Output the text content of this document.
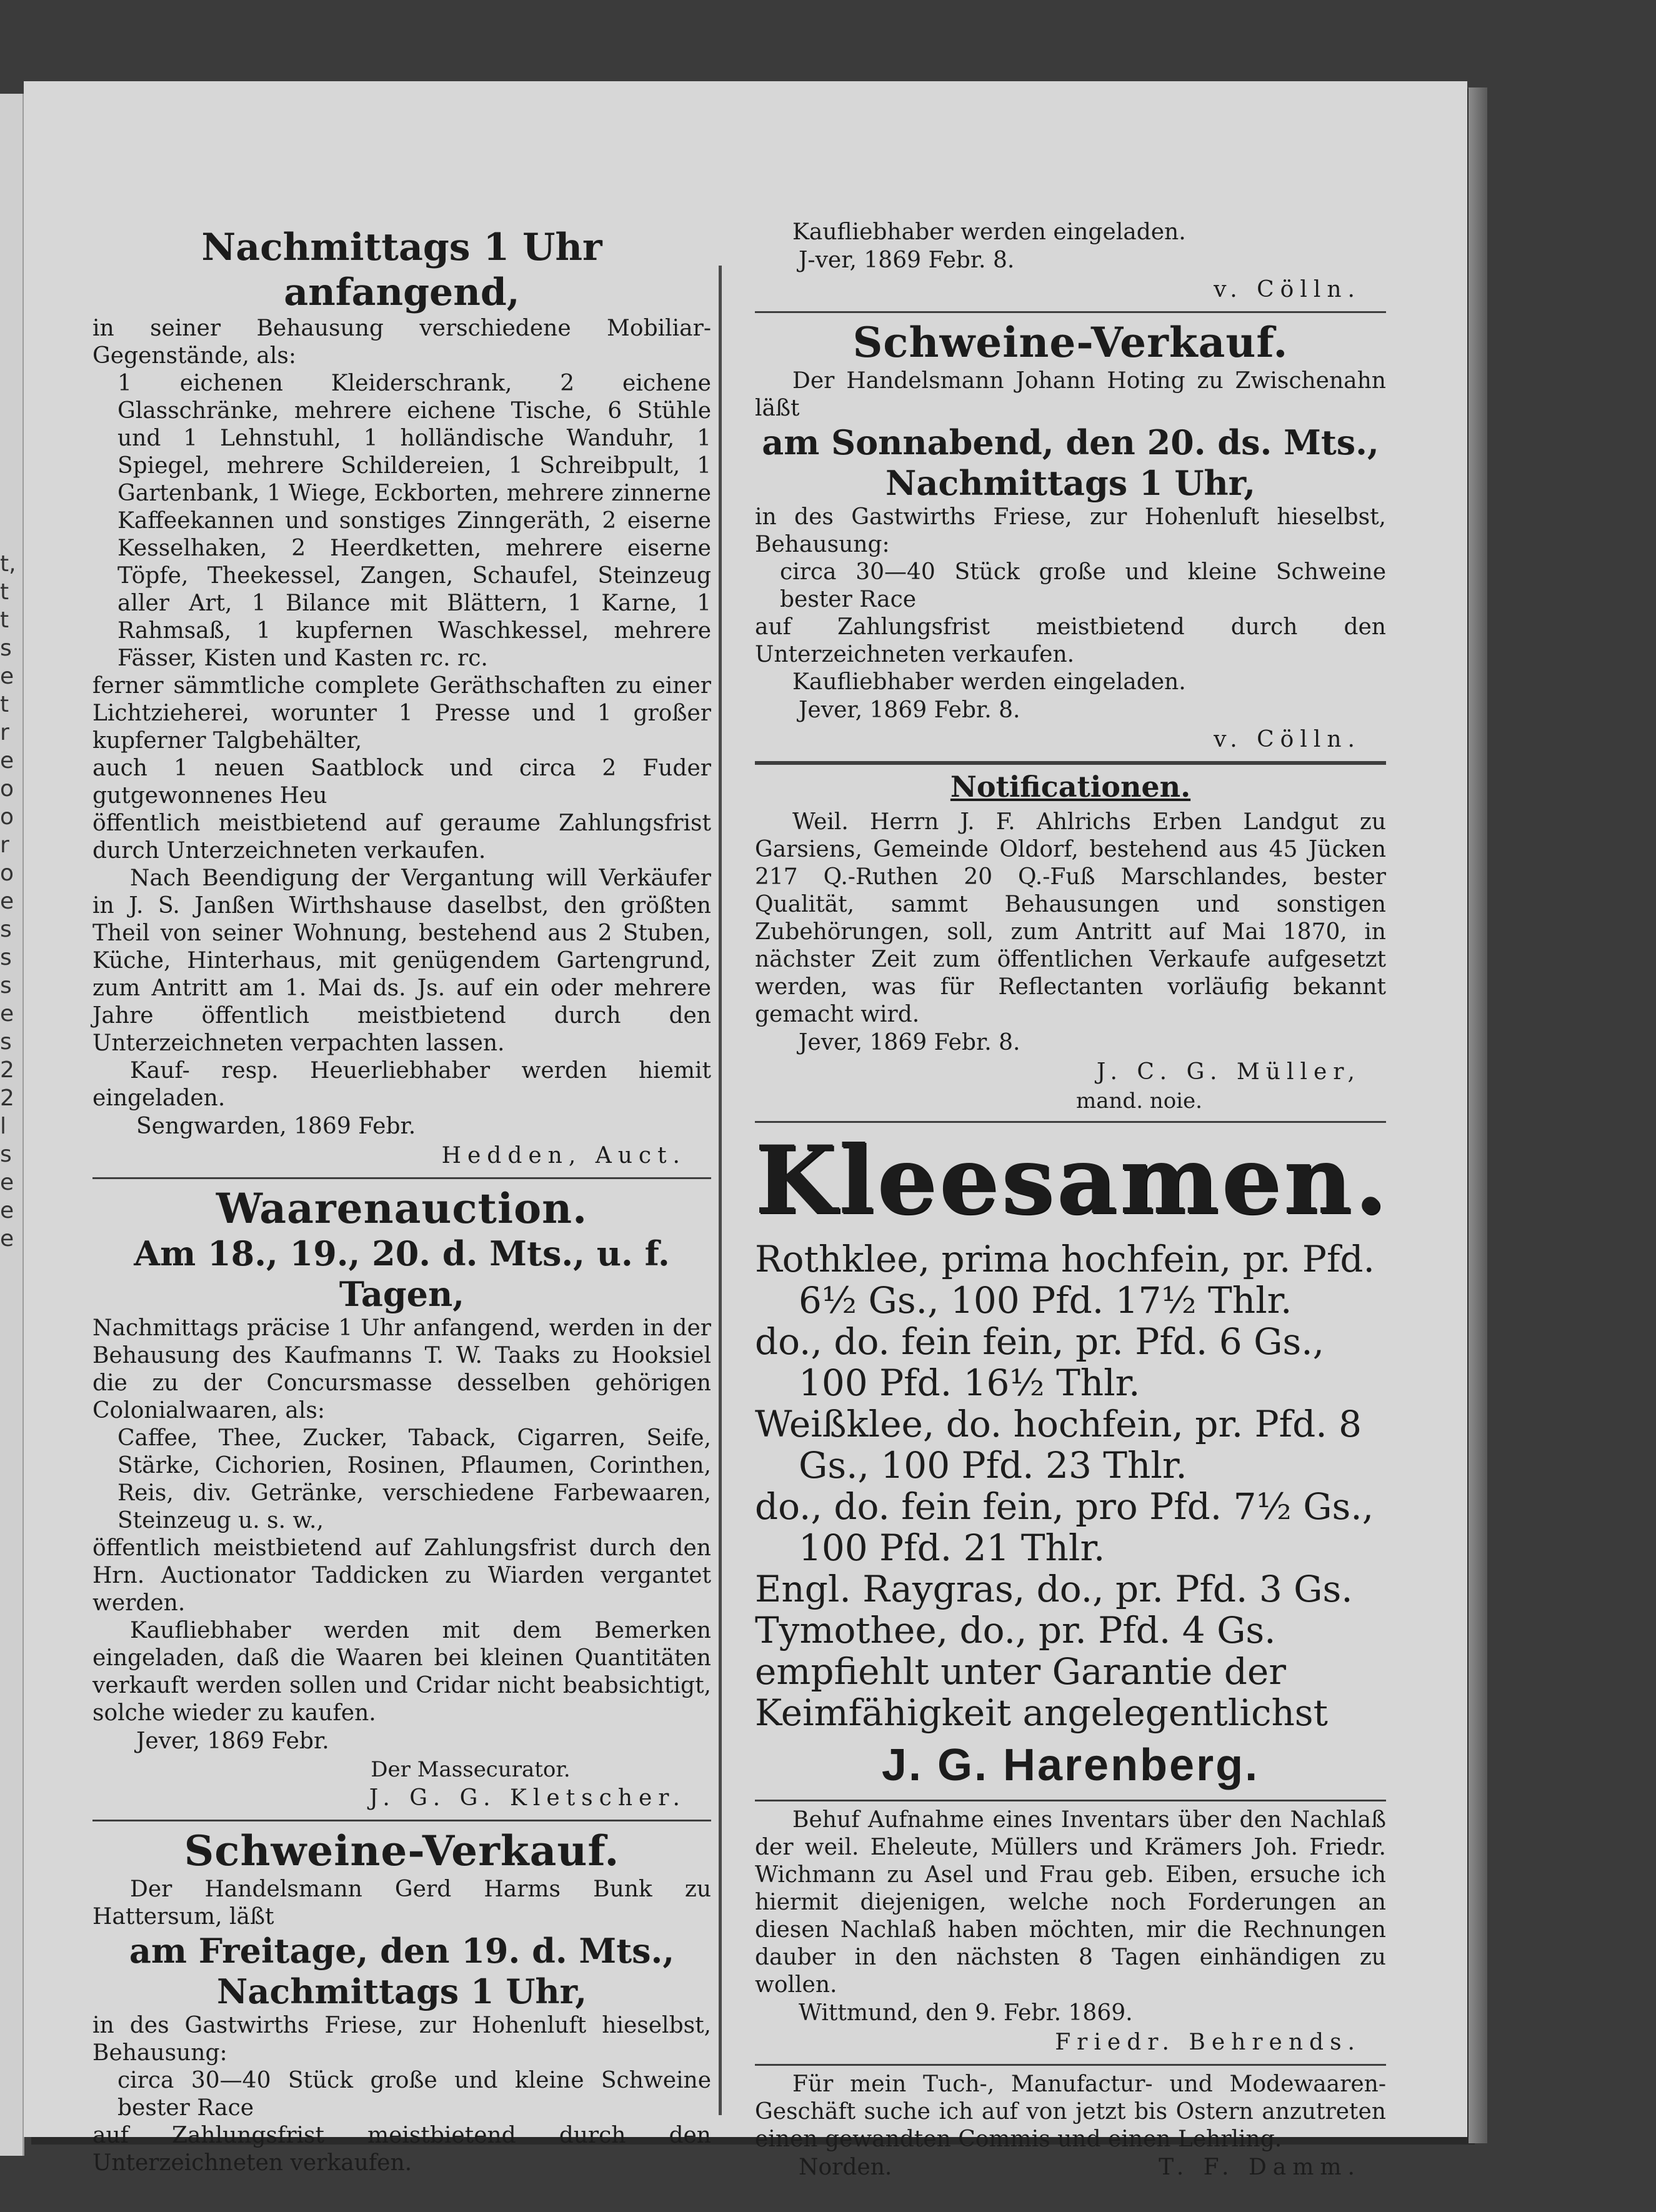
t,
t
t
s
e
t
r
e
o
o
r
o
e
s
s
s
e
s
2
2
l
s
e
e
e
Nachmittags 1 Uhr anfangend,

in seiner Behausung verschiedene Mobiliar-Gegenstände, als:

1 eichenen Kleiderschrank, 2 eichene Glasschränke, mehrere eichene Tische, 6 Stühle und 1 Lehnstuhl, 1 holländische Wanduhr, 1 Spiegel, mehrere Schildereien, 1 Schreibpult, 1 Gartenbank, 1 Wiege, Eckborten, mehrere zinnerne Kaffeekannen und sonstiges Zinngeräth, 2 eiserne Kesselhaken, 2 Heerdketten, mehrere eiserne Töpfe, Theekessel, Zangen, Schaufel, Steinzeug aller Art, 1 Bilance mit Blättern, 1 Karne, 1 Rahmsaß, 1 kupfernen Waschkessel, mehrere Fässer, Kisten und Kasten rc. rc.

ferner sämmtliche complete Geräthschaften zu einer Lichtzieherei, worunter 1 Presse und 1 großer kupferner Talgbehälter,

auch 1 neuen Saatblock und circa 2 Fuder gutgewonnenes Heu

öffentlich meistbietend auf geraume Zahlungsfrist durch Unterzeichneten verkaufen.

Nach Beendigung der Vergantung will Verkäufer in J. S. Janßen Wirthshause daselbst, den größten Theil von seiner Wohnung, bestehend aus 2 Stuben, Küche, Hinterhaus, mit genügendem Gartengrund, zum Antritt am 1. Mai ds. Js. auf ein oder mehrere Jahre öffentlich meistbietend durch den Unterzeichneten verpachten lassen.

Kauf- resp. Heuerliebhaber werden hiemit eingeladen.

Sengwarden, 1869 Febr.
Hedden, Auct.
Waarenauction.
Am 18., 19., 20. d. Mts., u. f.
Tagen,

Nachmittags präcise 1 Uhr anfangend, werden in der Behausung des Kaufmanns T. W. Taaks zu Hooksiel die zu der Concursmasse desselben gehörigen Colonialwaaren, als:

Caffee, Thee, Zucker, Taback, Cigarren, Seife, Stärke, Cichorien, Rosinen, Pflaumen, Corinthen, Reis, div. Getränke, verschiedene Farbewaaren, Steinzeug u. s. w.,

öffentlich meistbietend auf Zahlungsfrist durch den Hrn. Auctionator Taddicken zu Wiarden vergantet werden.

Kaufliebhaber werden mit dem Bemerken eingeladen, daß die Waaren bei kleinen Quantitäten verkauft werden sollen und Cridar nicht beabsichtigt, solche wieder zu kaufen.

Jever, 1869 Febr.
Der Massecurator.
J. G. G. Kletscher.
Schweine-Verkauf.

Der Handelsmann Gerd Harms Bunk zu Hattersum, läßt

am Freitage, den 19. d. Mts.,
Nachmittags 1 Uhr,

in des Gastwirths Friese, zur Hohenluft hieselbst, Behausung:

circa 30—40 Stück große und kleine Schweine bester Race

auf Zahlungsfrist meistbietend durch den Unterzeichneten verkaufen.

Kaufliebhaber werden eingeladen.

J-ver, 1869 Febr. 8.
v. Cölln.
Schweine-Verkauf.

Der Handelsmann Johann Hoting zu Zwischenahn läßt

am Sonnabend, den 20. ds. Mts.,
Nachmittags 1 Uhr,

in des Gastwirths Friese, zur Hohenluft hieselbst, Behausung:

circa 30—40 Stück große und kleine Schweine bester Race

auf Zahlungsfrist meistbietend durch den Unterzeichneten verkaufen.

Kaufliebhaber werden eingeladen.

Jever, 1869 Febr. 8.
v. Cölln.
Notificationen.

Weil. Herrn J. F. Ahlrichs Erben Landgut zu Garsiens, Gemeinde Oldorf, bestehend aus 45 Jücken 217 Q.-Ruthen 20 Q.-Fuß Marschlandes, bester Qualität, sammt Behausungen und sonstigen Zubehörungen, soll, zum Antritt auf Mai 1870, in nächster Zeit zum öffentlichen Verkaufe aufgesetzt werden, was für Reflectanten vorläufig bekannt gemacht wird.

Jever, 1869 Febr. 8.
J. C. G. Müller,
mand. noie.
Kleesamen.

Rothklee, prima hochfein, pr. Pfd.

6½ Gs., 100 Pfd. 17½ Thlr.

do., do. fein fein, pr. Pfd. 6 Gs.,

100 Pfd. 16½ Thlr.

Weißklee, do. hochfein, pr. Pfd. 8

Gs., 100 Pfd. 23 Thlr.

do., do. fein fein, pro Pfd. 7½ Gs.,

100 Pfd. 21 Thlr.

Engl. Raygras, do., pr. Pfd. 3 Gs.

Tymothee, do., pr. Pfd. 4 Gs.

empfiehlt unter Garantie der Keimfähigkeit angelegentlichst

J. G. Harenberg.

Behuf Aufnahme eines Inventars über den Nachlaß der weil. Eheleute, Müllers und Krämers Joh. Friedr. Wichmann zu Asel und Frau geb. Eiben, ersuche ich hiermit diejenigen, welche noch Forderungen an diesen Nachlaß haben möchten, mir die Rechnungen dauber in den nächsten 8 Tagen einhändigen zu wollen.

Wittmund, den 9. Febr. 1869.
Friedr. Behrends.

Für mein Tuch-, Manufactur- und Modewaaren-Geschäft suche ich auf von jetzt bis Ostern anzutreten einen gewandten Commis und einen Lehrling.

Norden.	T. F. Damm.
